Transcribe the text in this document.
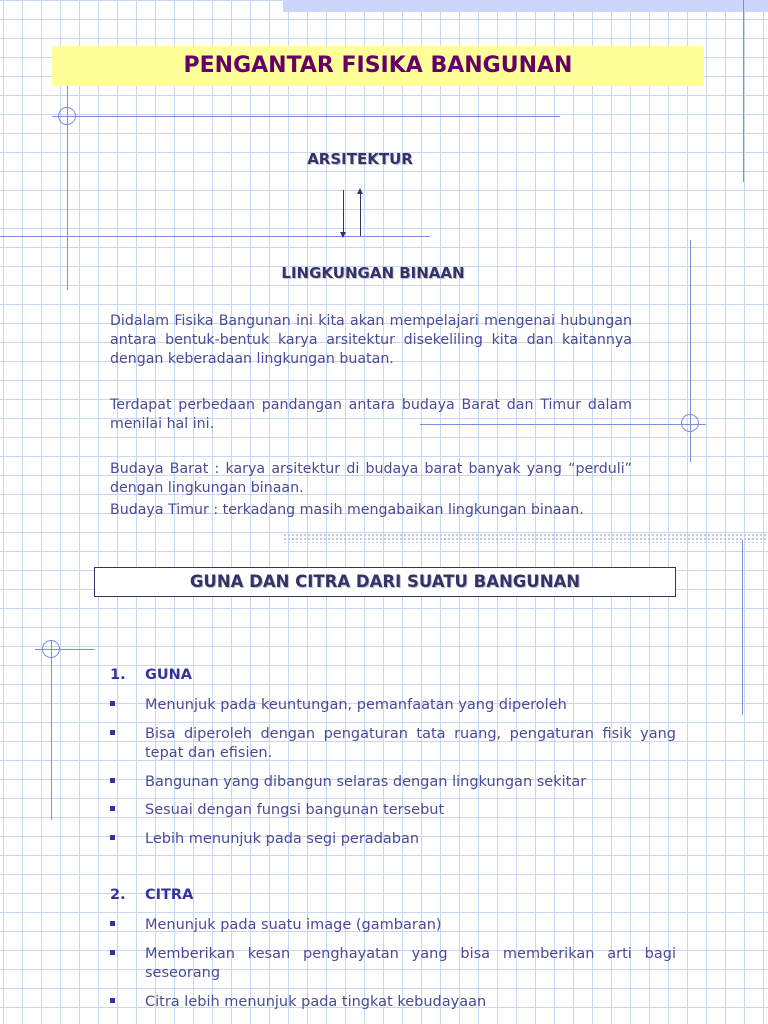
PENGANTAR FISIKA BANGUNAN
ARSITEKTUR
LINGKUNGAN BINAAN
Didalam Fisika Bangunan ini kita akan mempelajari mengenai hubungan antara bentuk-bentuk karya arsitektur disekeliling kita dan kaitannya dengan keberadaan lingkungan buatan.
Terdapat perbedaan pandangan antara budaya Barat dan Timur dalam menilai hal ini.
Budaya Barat : karya arsitektur di budaya barat banyak yang “perduli” dengan lingkungan binaan.
Budaya Timur : terkadang masih mengabaikan lingkungan binaan.
GUNA DAN CITRA DARI SUATU BANGUNAN
1. GUNA
Menunjuk pada keuntungan, pemanfaatan yang diperoleh
Bisa diperoleh dengan pengaturan tata ruang, pengaturan fisik yang tepat dan efisien.
Bangunan yang dibangun selaras dengan lingkungan sekitar
Sesuai dengan fungsi bangunan tersebut
Lebih menunjuk pada segi peradaban
2. CITRA
Menunjuk pada suatu image (gambaran)
Memberikan kesan penghayatan yang bisa memberikan arti bagi seseorang
Citra lebih menunjuk pada tingkat kebudayaan
